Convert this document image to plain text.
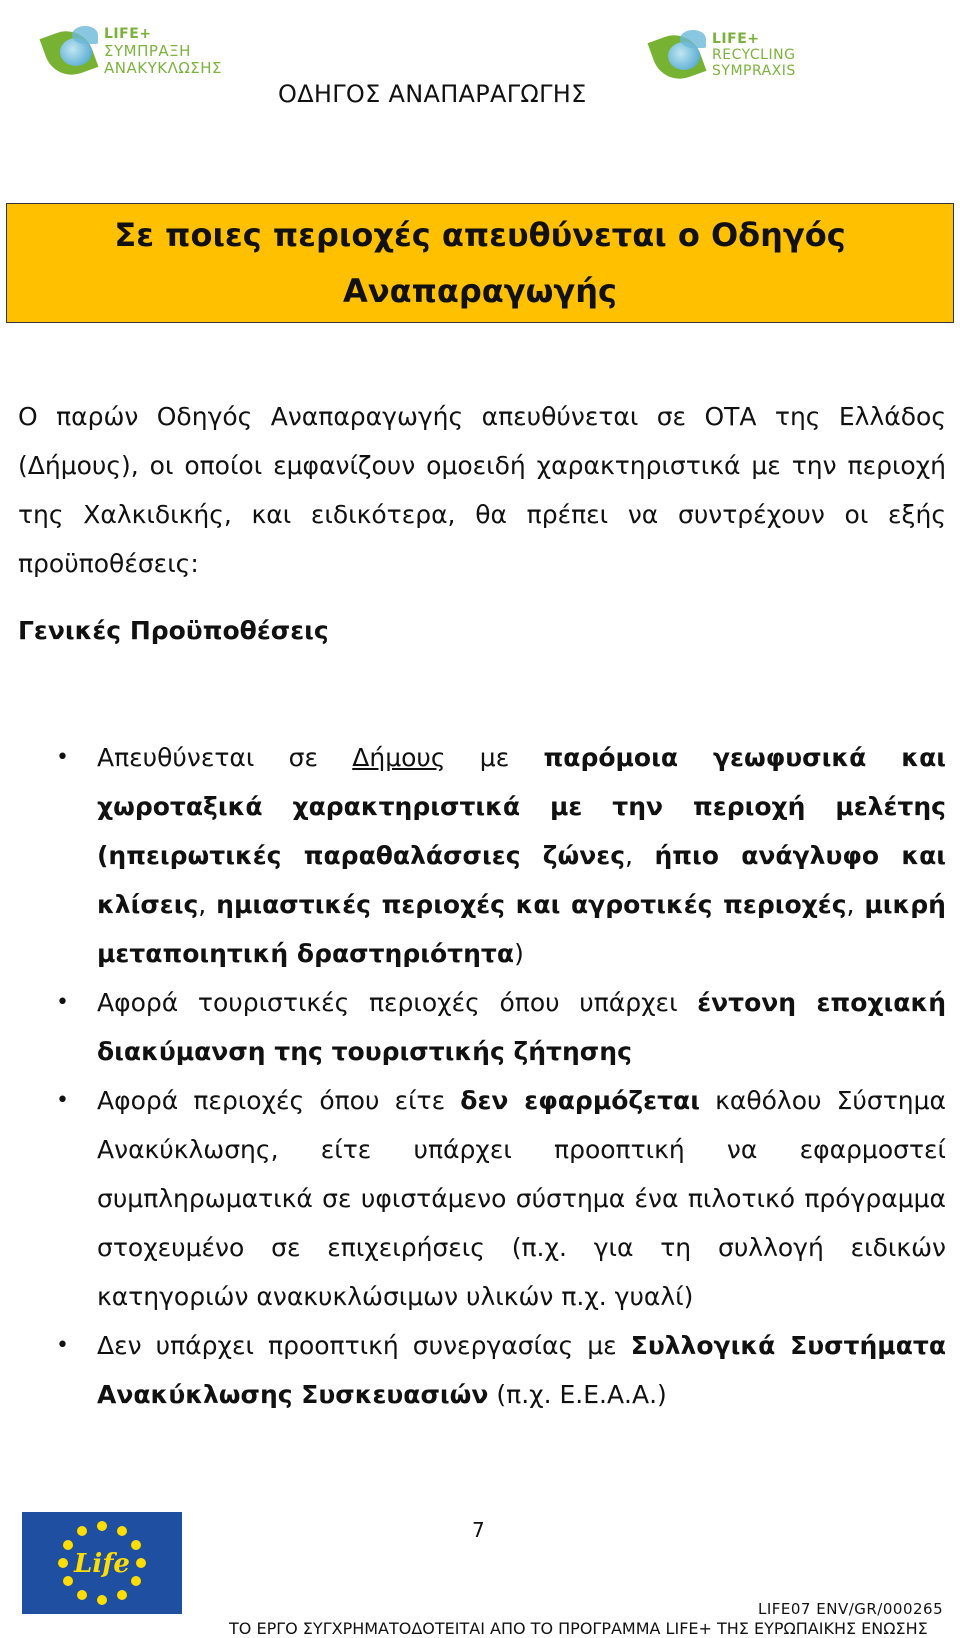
LIFE+
ΣΥΜΠΡΑΞΗ
ΑΝΑΚΥΚΛΩΣΗΣ
LIFE+
RECYCLING
SYMPRAXIS
ΟΔΗΓΟΣ ΑΝΑΠΑΡΑΓΩΓΗΣ
Σε ποιες περιοχές απευθύνεται ο Οδηγός
Αναπαραγωγής
Ο παρών Οδηγός Αναπαραγωγής απευθύνεται σε ΟΤΑ της Ελλάδος (Δήμους), οι οποίοι εμφανίζουν ομοειδή χαρακτηριστικά με την περιοχή της Χαλκιδικής, και ειδικότερα, θα πρέπει να συντρέχουν οι εξής προϋποθέσεις:
Γενικές Προϋποθέσεις
• Απευθύνεται σε Δήμους με παρόμοια γεωφυσικά και χωροταξικά χαρακτηριστικά με την περιοχή μελέτης (ηπειρωτικές παραθαλάσσιες ζώνες, ήπιο ανάγλυφο και κλίσεις, ημιαστικές περιοχές και αγροτικές περιοχές, μικρή μεταποιητική δραστηριότητα)
• Αφορά τουριστικές περιοχές όπου υπάρχει έντονη εποχιακή διακύμανση της τουριστικής ζήτησης
• Αφορά περιοχές όπου είτε δεν εφαρμόζεται καθόλου Σύστημα Ανακύκλωσης, είτε υπάρχει προοπτική να εφαρμοστεί συμπληρωματικά σε υφιστάμενο σύστημα ένα πιλοτικό πρόγραμμα στοχευμένο σε επιχειρήσεις (π.χ. για τη συλλογή ειδικών κατηγοριών ανακυκλώσιμων υλικών π.χ. γυαλί)
• Δεν υπάρχει προοπτική συνεργασίας με Συλλογικά Συστήματα Ανακύκλωσης Συσκευασιών (π.χ. Ε.Ε.Α.Α.)
Life
7
LIFE07 ENV/GR/000265
ΤΟ ΕΡΓΟ ΣΥΓΧΡΗΜΑΤΟΔΟΤΕΙΤΑΙ ΑΠΟ ΤΟ ΠΡΟΓΡΑΜΜΑ LIFE+ ΤΗΣ ΕΥΡΩΠΑΙΚΗΣ ΕΝΩΣΗΣ
